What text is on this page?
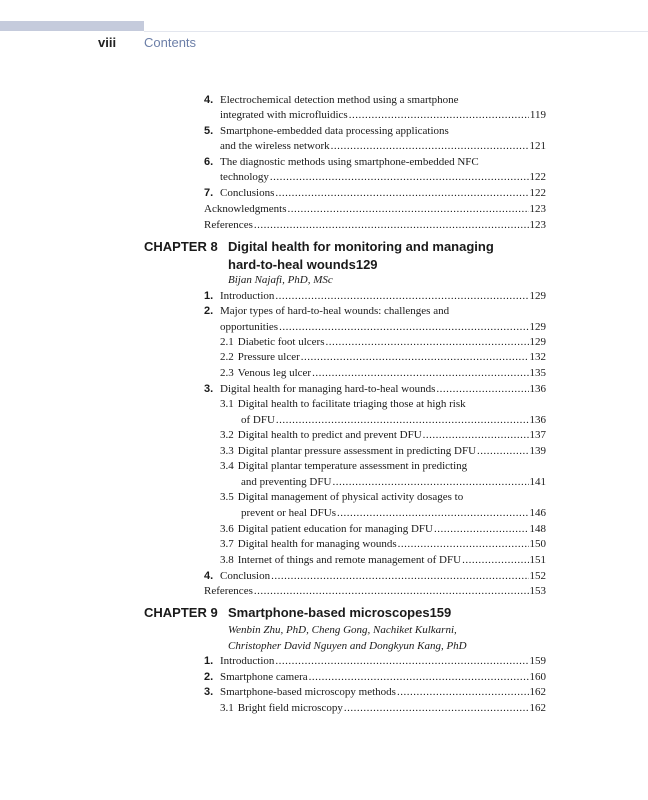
viii Contents
4. Electrochemical detection method using a smartphone
integrated with microfluidics .....	119
5. Smartphone-embedded data processing applications
and the wireless network .....	121
6. The diagnostic methods using smartphone-embedded NFC
technology .....	122
7. Conclusions .....	122
Acknowledgments .....	123
References .....	123
CHAPTER 8 Digital health for monitoring and managing
hard-to-heal wounds 129
Bijan Najafi, PhD, MSc
1. Introduction .....	129
2. Major types of hard-to-heal wounds: challenges and
opportunities .....	129
2.1 Diabetic foot ulcers .....	129
2.2 Pressure ulcer .....	132
2.3 Venous leg ulcer .....	135
3. Digital health for managing hard-to-heal wounds .....	136
3.1 Digital health to facilitate triaging those at high risk
of DFU .....	136
3.2 Digital health to predict and prevent DFU .....	137
3.3 Digital plantar pressure assessment in predicting DFU .....	139
3.4 Digital plantar temperature assessment in predicting
and preventing DFU .....	141
3.5 Digital management of physical activity dosages to
prevent or heal DFUs .....	146
3.6 Digital patient education for managing DFU .....	148
3.7 Digital health for managing wounds .....	150
3.8 Internet of things and remote management of DFU .....	151
4. Conclusion .....	152
References .....	153
CHAPTER 9 Smartphone-based microscopes 159
Wenbin Zhu, PhD, Cheng Gong, Nachiket Kulkarni,
Christopher David Nguyen and Dongkyun Kang, PhD
1. Introduction .....	159
2. Smartphone camera .....	160
3. Smartphone-based microscopy methods .....	162
3.1 Bright field microscopy .....	162
